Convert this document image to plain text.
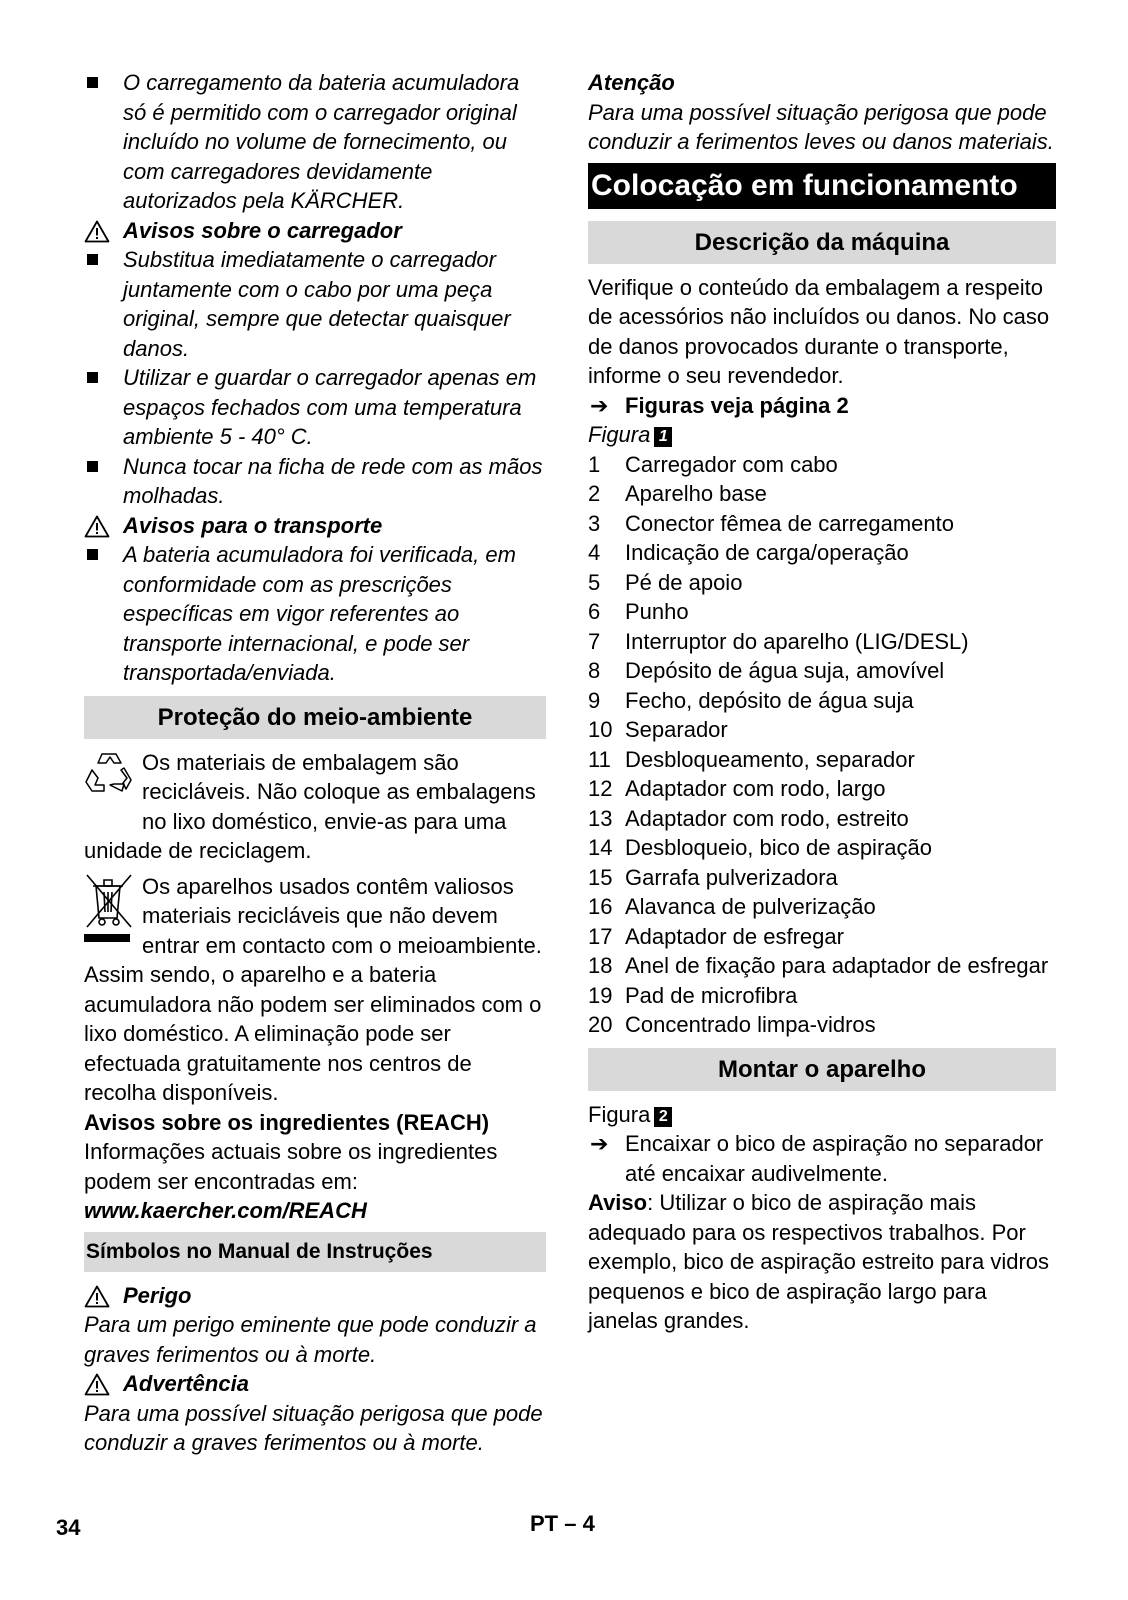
O carregamento da bateria acumuladora só é permitido com o carregador original incluído no volume de fornecimento, ou com carregadores devidamente autorizados pela KÄRCHER.
Avisos sobre o carregador
Substitua imediatamente o carregador juntamente com o cabo por uma peça original, sempre que detectar quaisquer danos.
Utilizar e guardar o carregador apenas em espaços fechados com uma temperatura ambiente 5 - 40° C.
Nunca tocar na ficha de rede com as mãos molhadas.
Avisos para o transporte
A bateria acumuladora foi verificada, em conformidade com as prescrições específicas em vigor referentes ao transporte internacional, e pode ser transportada/enviada.
Proteção do meio-ambiente
Os materiais de embalagem são recicláveis. Não coloque as embalagens no lixo doméstico, envie-as para uma unidade de reciclagem.
Os aparelhos usados contêm valiosos materiais recicláveis que não devem entrar em contacto com o meioambiente. Assim sendo, o aparelho e a bateria acumuladora não podem ser eliminados com o lixo doméstico. A eliminação pode ser efectuada gratuitamente nos centros de recolha disponíveis.
Avisos sobre os ingredientes (REACH)
Informações actuais sobre os ingredientes podem ser encontradas em:
www.kaercher.com/REACH
Símbolos no Manual de Instruções
Perigo
Para um perigo eminente que pode conduzir a graves ferimentos ou à morte.
Advertência
Para uma possível situação perigosa que pode conduzir a graves ferimentos ou à morte.
Atenção
Para uma possível situação perigosa que pode conduzir a ferimentos leves ou danos materiais.
Colocação em funcionamento
Descrição da máquina
Verifique o conteúdo da embalagem a respeito de acessórios não incluídos ou danos. No caso de danos provocados durante o transporte, informe o seu revendedor.
➔ Figuras veja página 2
Figura 1
1 Carregador com cabo
2 Aparelho base
3 Conector fêmea de carregamento
4 Indicação de carga/operação
5 Pé de apoio
6 Punho
7 Interruptor do aparelho (LIG/DESL)
8 Depósito de água suja, amovível
9 Fecho, depósito de água suja
10 Separador
11 Desbloqueamento, separador
12 Adaptador com rodo, largo
13 Adaptador com rodo, estreito
14 Desbloqueio, bico de aspiração
15 Garrafa pulverizadora
16 Alavanca de pulverização
17 Adaptador de esfregar
18 Anel de fixação para adaptador de esfregar
19 Pad de microfibra
20 Concentrado limpa-vidros
Montar o aparelho
Figura 2
➔ Encaixar o bico de aspiração no separador até encaixar audivelmente.
Aviso: Utilizar o bico de aspiração mais adequado para os respectivos trabalhos. Por exemplo, bico de aspiração estreito para vidros pequenos e bico de aspiração largo para janelas grandes.
34	PT – 4
